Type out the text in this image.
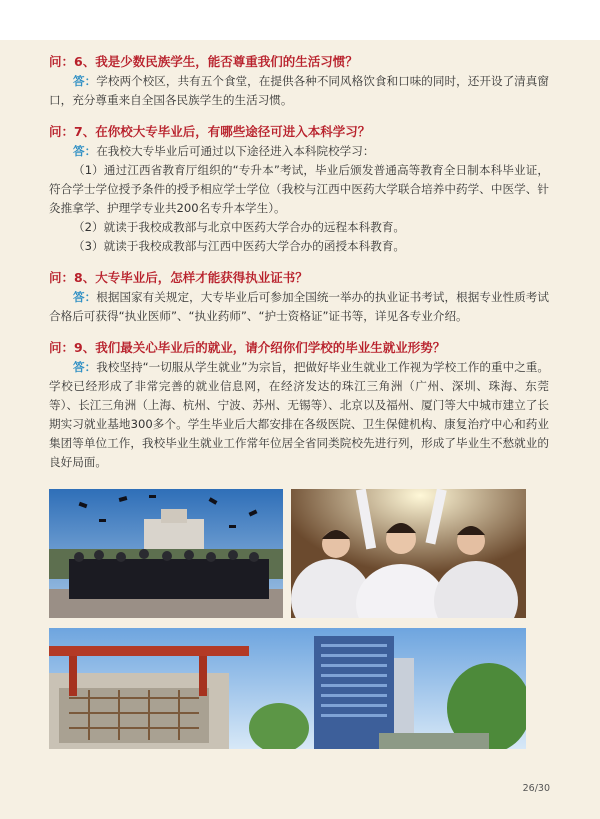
问：6、我是少数民族学生，能否尊重我们的生活习惯？

答：学校两个校区，共有五个食堂，在提供各种不同风格饮食和口味的同时，还开设了清真窗口，充分尊重来自全国各民族学生的生活习惯。

问：7、在你校大专毕业后，有哪些途径可进入本科学习？

答：在我校大专毕业后可通过以下途径进入本科院校学习：

（1）通过江西省教育厅组织的“专升本”考试，毕业后颁发普通高等教育全日制本科毕业证，符合学士学位授予条件的授予相应学士学位（我校与江西中医药大学联合培养中药学、中医学、针灸推拿学、护理学专业共200名专升本学生）。

（2）就读于我校成教部与北京中医药大学合办的远程本科教育。

（3）就读于我校成教部与江西中医药大学合办的函授本科教育。

问：8、大专毕业后，怎样才能获得执业证书？

答：根据国家有关规定，大专毕业后可参加全国统一举办的执业证书考试，根据专业性质考试合格后可获得“执业医师”、“执业药师”、“护士资格证”证书等，详见各专业介绍。

问：9、我们最关心毕业后的就业，请介绍你们学校的毕业生就业形势？

答：我校坚持“一切服从学生就业”为宗旨，把做好毕业生就业工作视为学校工作的重中之重。学校已经形成了非常完善的就业信息网，在经济发达的珠江三角洲（广州、深圳、珠海、东莞等）、长江三角洲（上海、杭州、宁波、苏州、无锡等）、北京以及福州、厦门等大中城市建立了长期实习就业基地300多个。学生毕业后大都安排在各级医院、卫生保健机构、康复治疗中心和药业集团等单位工作，我校毕业生就业工作常年位居全省同类院校先进行列，形成了毕业生不愁就业的良好局面。

26/30
